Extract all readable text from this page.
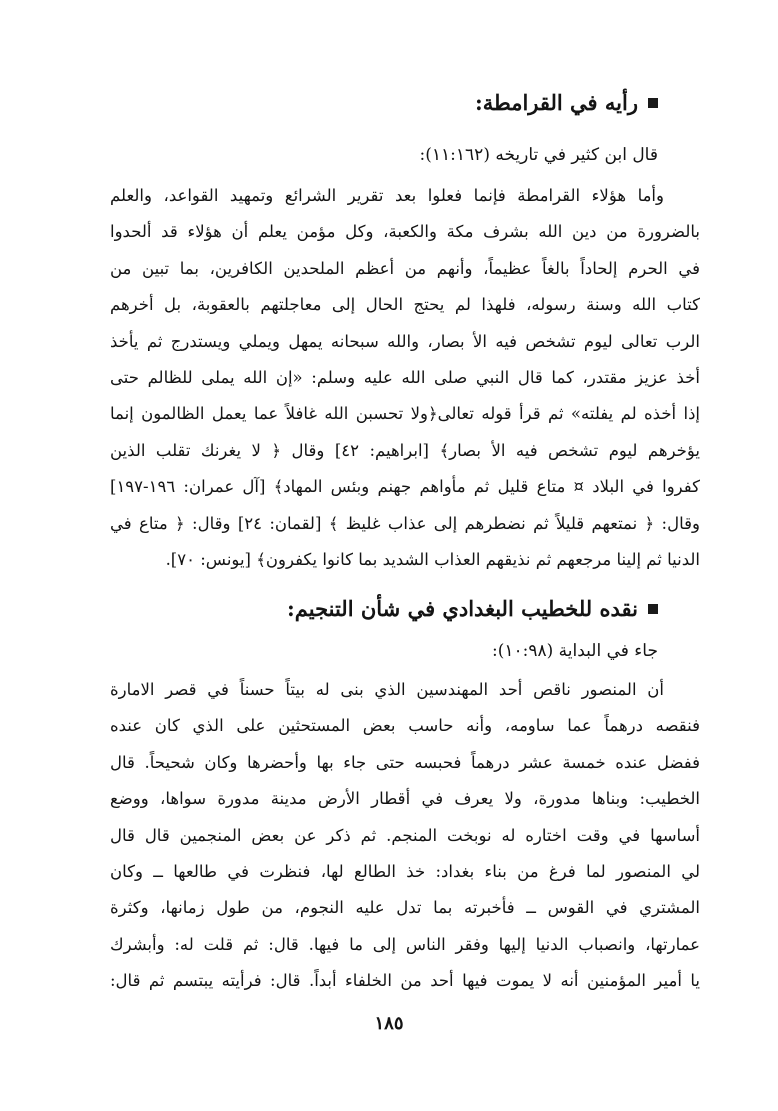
رأيه في القرامطة:
قال ابن كثير في تاريخه (١١:١٦٢):

وأما هؤلاء القرامطة فإنما فعلوا بعد تقرير الشرائع وتمهيد القواعد، والعلم

بالضرورة من دين الله بشرف مكة والكعبة، وكل مؤمن يعلم أن هؤلاء قد ألحدوا

في الحرم إلحاداً بالغاً عظيماً، وأنهم من أعظم الملحدين الكافرين، بما تبين من

كتاب الله وسنة رسوله، فلهذا لم يحتج الحال إلى معاجلتهم بالعقوبة، بل أخرهم

الرب تعالى ليوم تشخص فيه الأ بصار، والله سبحانه يمهل ويملي ويستدرج ثم يأخذ

أخذ عزيز مقتدر، كما قال النبي صلى الله عليه وسلم: «إن الله يملى للظالم حتى

إذا أخذه لم يفلته» ثم قرأ قوله تعالى﴿ولا تحسبن الله غافلاً عما يعمل الظالمون إنما

يؤخرهم ليوم تشخص فيه الأ بصار﴾ [ابراهيم: ٤٢] وقال ﴿ لا يغرنك تقلب الذين

كفروا في البلاد ¤ متاع قليل ثم مأواهم جهنم وبئس المهاد﴾ [آل عمران: ١٩٦-١٩٧]

وقال: ﴿ نمتعهم قليلاً ثم نضطرهم إلى عذاب غليظ ﴾ [لقمان: ٢٤] وقال: ﴿ متاع في

الدنيا ثم إلينا مرجعهم ثم نذيقهم العذاب الشديد بما كانوا يكفرون﴾ [يونس: ٧٠].

نقده للخطيب البغدادي في شأن التنجيم:
جاء في البداية (١٠:٩٨):

أن المنصور ناقص أحد المهندسين الذي بنى له بيتاً حسناً في قصر الامارة

فنقصه درهماً عما ساومه، وأنه حاسب بعض المستحثين على الذي كان عنده

ففضل عنده خمسة عشر درهماً فحبسه حتى جاء بها وأحضرها وكان شحيحاً. قال

الخطيب: وبناها مدورة، ولا يعرف في أقطار الأرض مدينة مدورة سواها، ووضع

أساسها في وقت اختاره له نوبخت المنجم. ثم ذكر عن بعض المنجمين قال قال

لي المنصور لما فرغ من بناء بغداد: خذ الطالع لها، فنظرت في طالعها ــ وكان

المشتري في القوس ــ فأخبرته بما تدل عليه النجوم، من طول زمانها، وكثرة

عمارتها، وانصباب الدنيا إليها وفقر الناس إلى ما فيها. قال: ثم قلت له: وأبشرك

يا أمير المؤمنين أنه لا يموت فيها أحد من الخلفاء أبداً. قال: فرأيته يبتسم ثم قال:

١٨٥
